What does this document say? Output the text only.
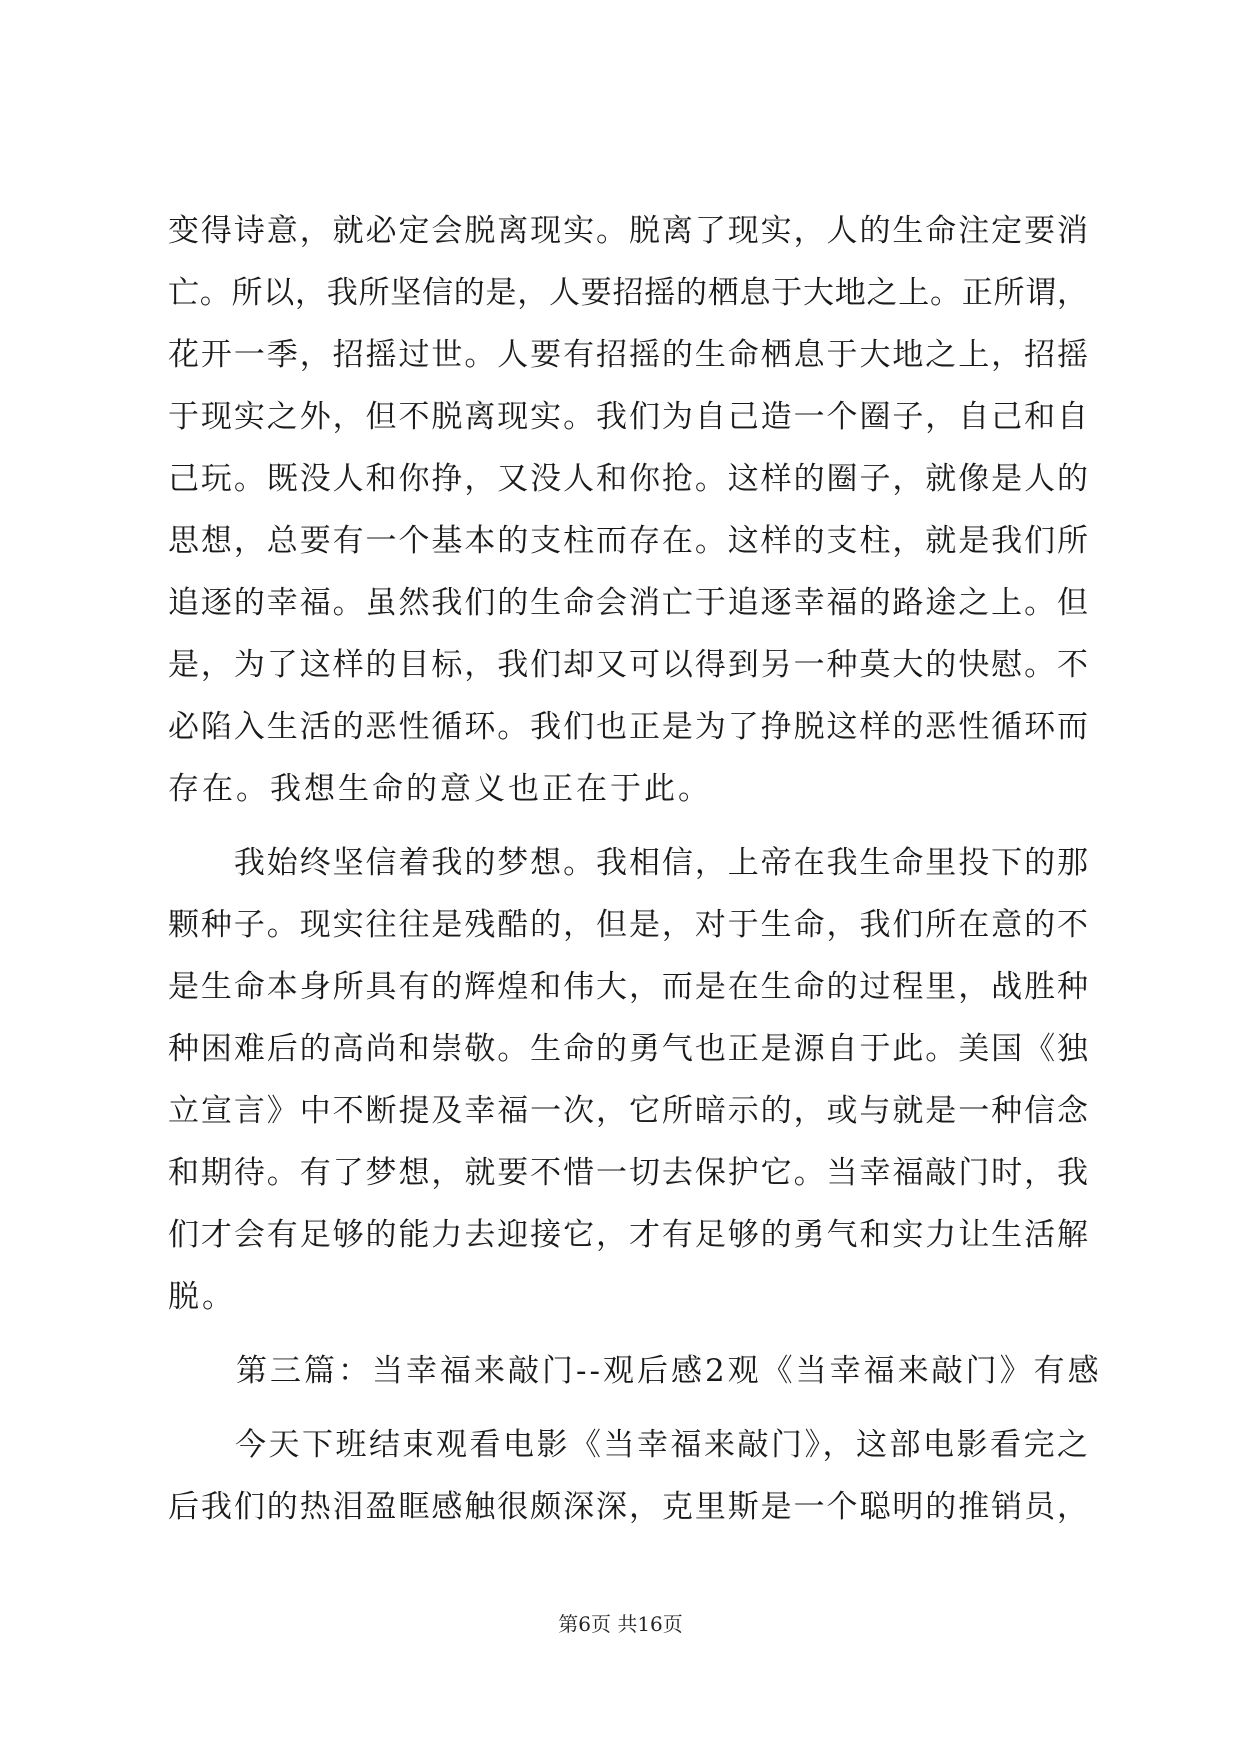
变得诗意，就必定会脱离现实。脱离了现实，人的生命注定要消
亡。所以，我所坚信的是，人要招摇的栖息于大地之上。正所谓，
花开一季，招摇过世。人要有招摇的生命栖息于大地之上，招摇
于现实之外，但不脱离现实。我们为自己造一个圈子，自己和自
己玩。既没人和你挣，又没人和你抢。这样的圈子，就像是人的
思想，总要有一个基本的支柱而存在。这样的支柱，就是我们所
追逐的幸福。虽然我们的生命会消亡于追逐幸福的路途之上。但
是，为了这样的目标，我们却又可以得到另一种莫大的快慰。不
必陷入生活的恶性循环。我们也正是为了挣脱这样的恶性循环而
存在。我想生命的意义也正在于此。
　　我始终坚信着我的梦想。我相信，上帝在我生命里投下的那
颗种子。现实往往是残酷的，但是，对于生命，我们所在意的不
是生命本身所具有的辉煌和伟大，而是在生命的过程里，战胜种
种困难后的高尚和崇敬。生命的勇气也正是源自于此。美国《独
立宣言》中不断提及幸福一次，它所暗示的，或与就是一种信念
和期待。有了梦想，就要不惜一切去保护它。当幸福敲门时，我
们才会有足够的能力去迎接它，才有足够的勇气和实力让生活解
脱。
　　第三篇：当幸福来敲门--观后感2观《当幸福来敲门》有感
　　今天下班结束观看电影《当幸福来敲门》，这部电影看完之
后我们的热泪盈眶感触很颇深深，克里斯是一个聪明的推销员，
第6页 共16页
